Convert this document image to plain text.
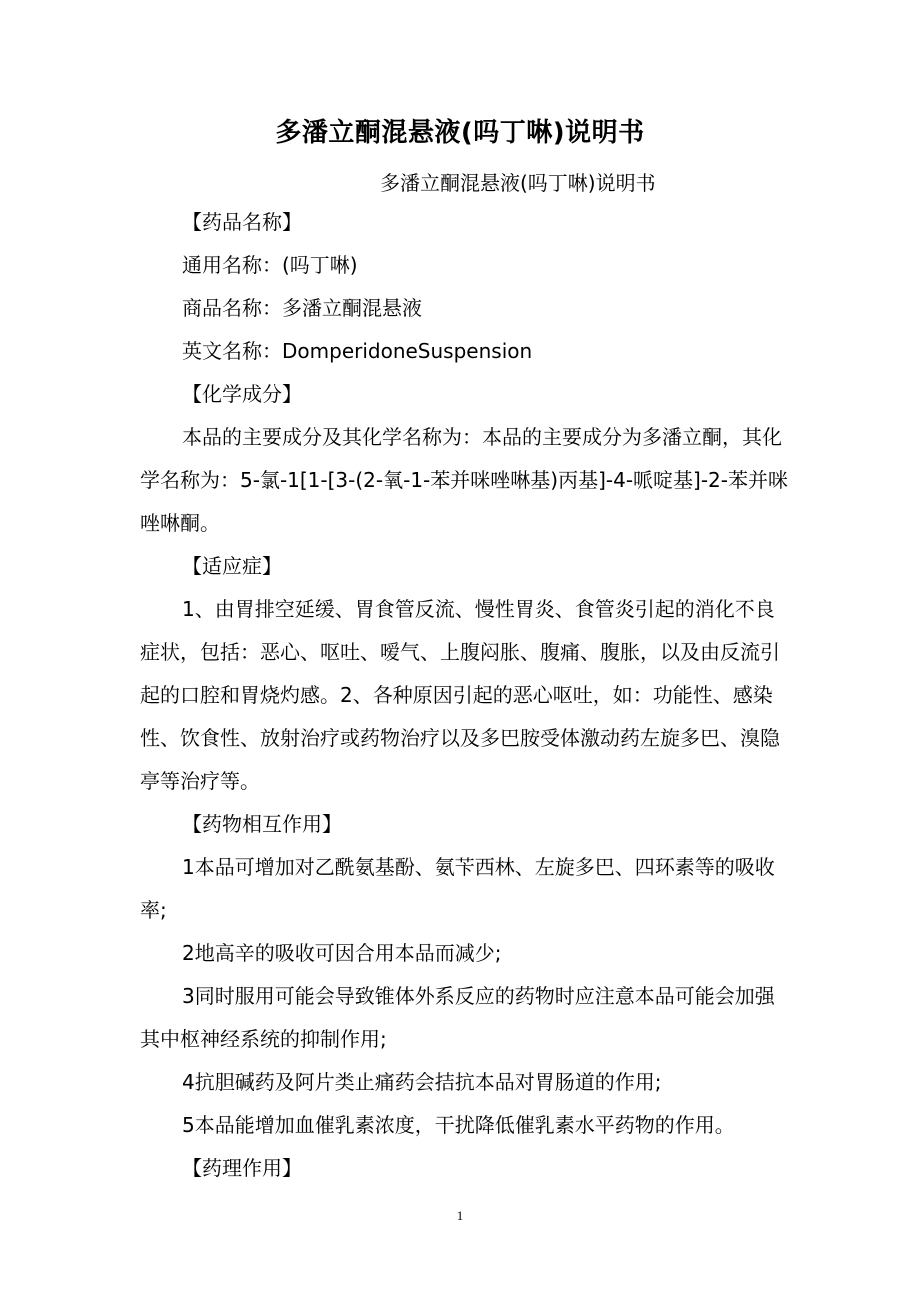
多潘立酮混悬液(吗丁啉)说明书
多潘立酮混悬液(吗丁啉)说明书

【药品名称】

通用名称：(吗丁啉)

商品名称：多潘立酮混悬液

英文名称：DomperidoneSuspension

【化学成分】

本品的主要成分及其化学名称为：本品的主要成分为多潘立酮，其化学名称为：5-氯-1[1-[3-(2-氧-1-苯并咪唑啉基)丙基]-4-哌啶基]-2-苯并咪唑啉酮。

【适应症】

1、由胃排空延缓、胃食管反流、慢性胃炎、食管炎引起的消化不良症状，包括：恶心、呕吐、嗳气、上腹闷胀、腹痛、腹胀，以及由反流引起的口腔和胃烧灼感。2、各种原因引起的恶心呕吐，如：功能性、感染性、饮食性、放射治疗或药物治疗以及多巴胺受体激动药左旋多巴、溴隐亭等治疗等。

【药物相互作用】

1本品可增加对乙酰氨基酚、氨苄西林、左旋多巴、四环素等的吸收率;

2地高辛的吸收可因合用本品而减少;

3同时服用可能会导致锥体外系反应的药物时应注意本品可能会加强其中枢神经系统的抑制作用;

4抗胆碱药及阿片类止痛药会拮抗本品对胃肠道的作用;

5本品能增加血催乳素浓度，干扰降低催乳素水平药物的作用。

【药理作用】

1
